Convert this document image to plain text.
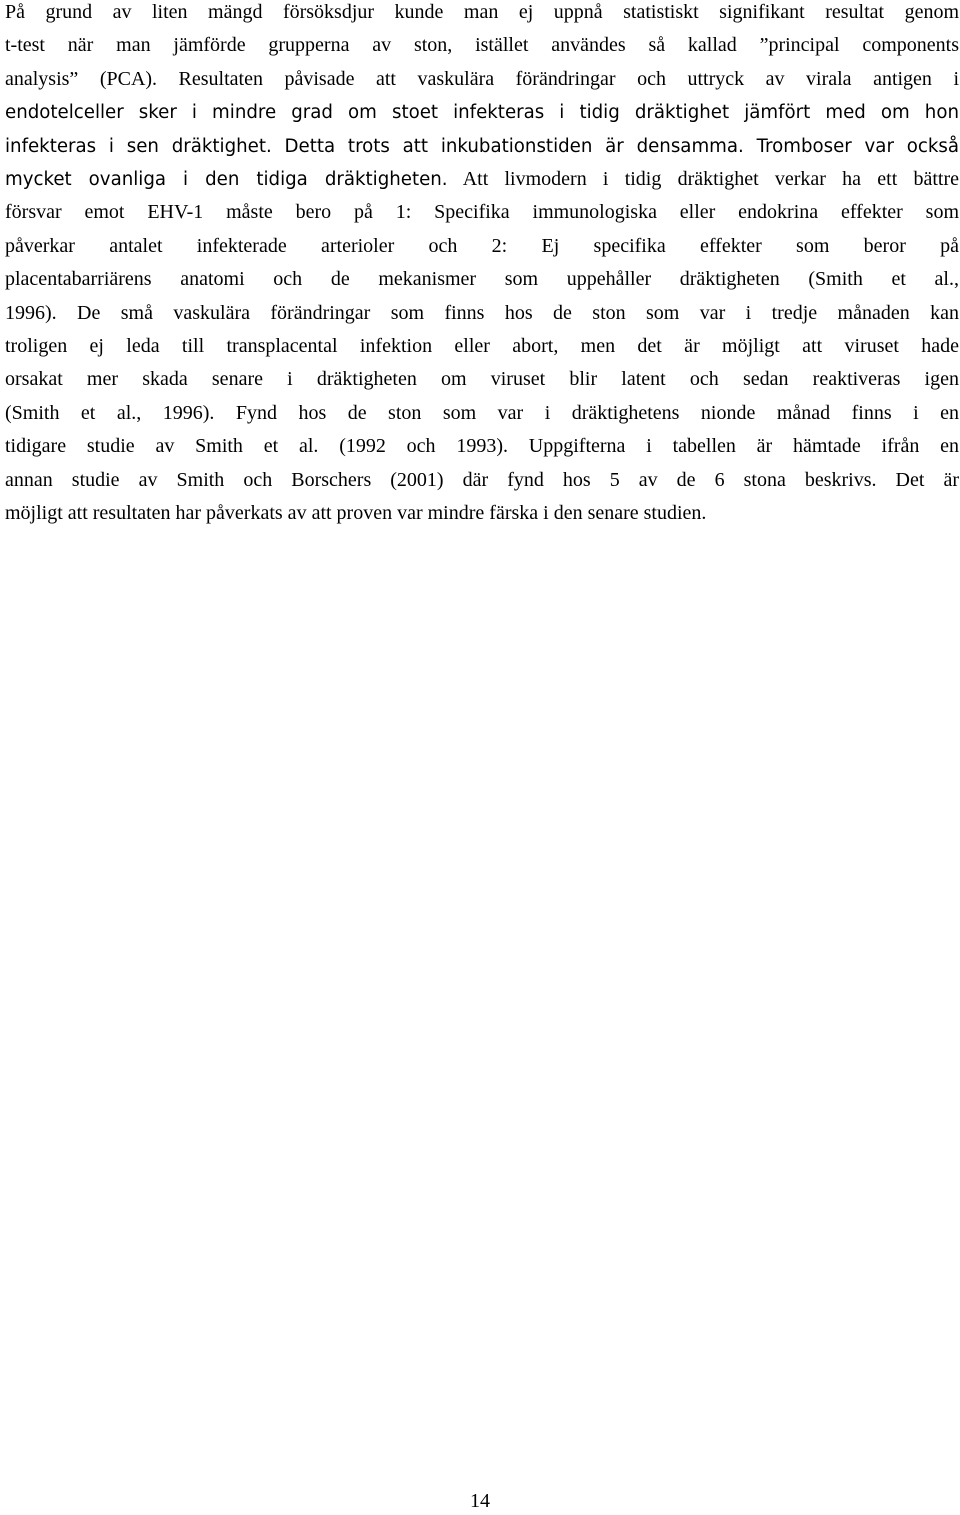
På grund av liten mängd försöksdjur kunde man ej uppnå statistiskt signifikant resultat genom
t-test när man jämförde grupperna av ston, istället användes så kallad ”principal components
analysis” (PCA). Resultaten påvisade att vaskulära förändringar och uttryck av virala antigen i
endotelceller sker i mindre grad om stoet infekteras i tidig dräktighet jämfört med om hon
infekteras i sen dräktighet. Detta trots att inkubationstiden är densamma. Tromboser var också
mycket ovanliga i den tidiga dräktigheten. Att livmodern i tidig dräktighet verkar ha ett bättre
försvar emot EHV-1 måste bero på 1: Specifika immunologiska eller endokrina effekter som
påverkar antalet infekterade arterioler och 2: Ej specifika effekter som beror på
placentabarriärens anatomi och de mekanismer som uppehåller dräktigheten (Smith et al.,
1996). De små vaskulära förändringar som finns hos de ston som var i tredje månaden kan
troligen ej leda till transplacental infektion eller abort, men det är möjligt att viruset hade
orsakat mer skada senare i dräktigheten om viruset blir latent och sedan reaktiveras igen
(Smith et al., 1996). Fynd hos de ston som var i dräktighetens nionde månad finns i en
tidigare studie av Smith et al. (1992 och 1993). Uppgifterna i tabellen är hämtade ifrån en
annan studie av Smith och Borschers (2001) där fynd hos 5 av de 6 stona beskrivs. Det är
möjligt att resultaten har påverkats av att proven var mindre färska i den senare studien.
14
